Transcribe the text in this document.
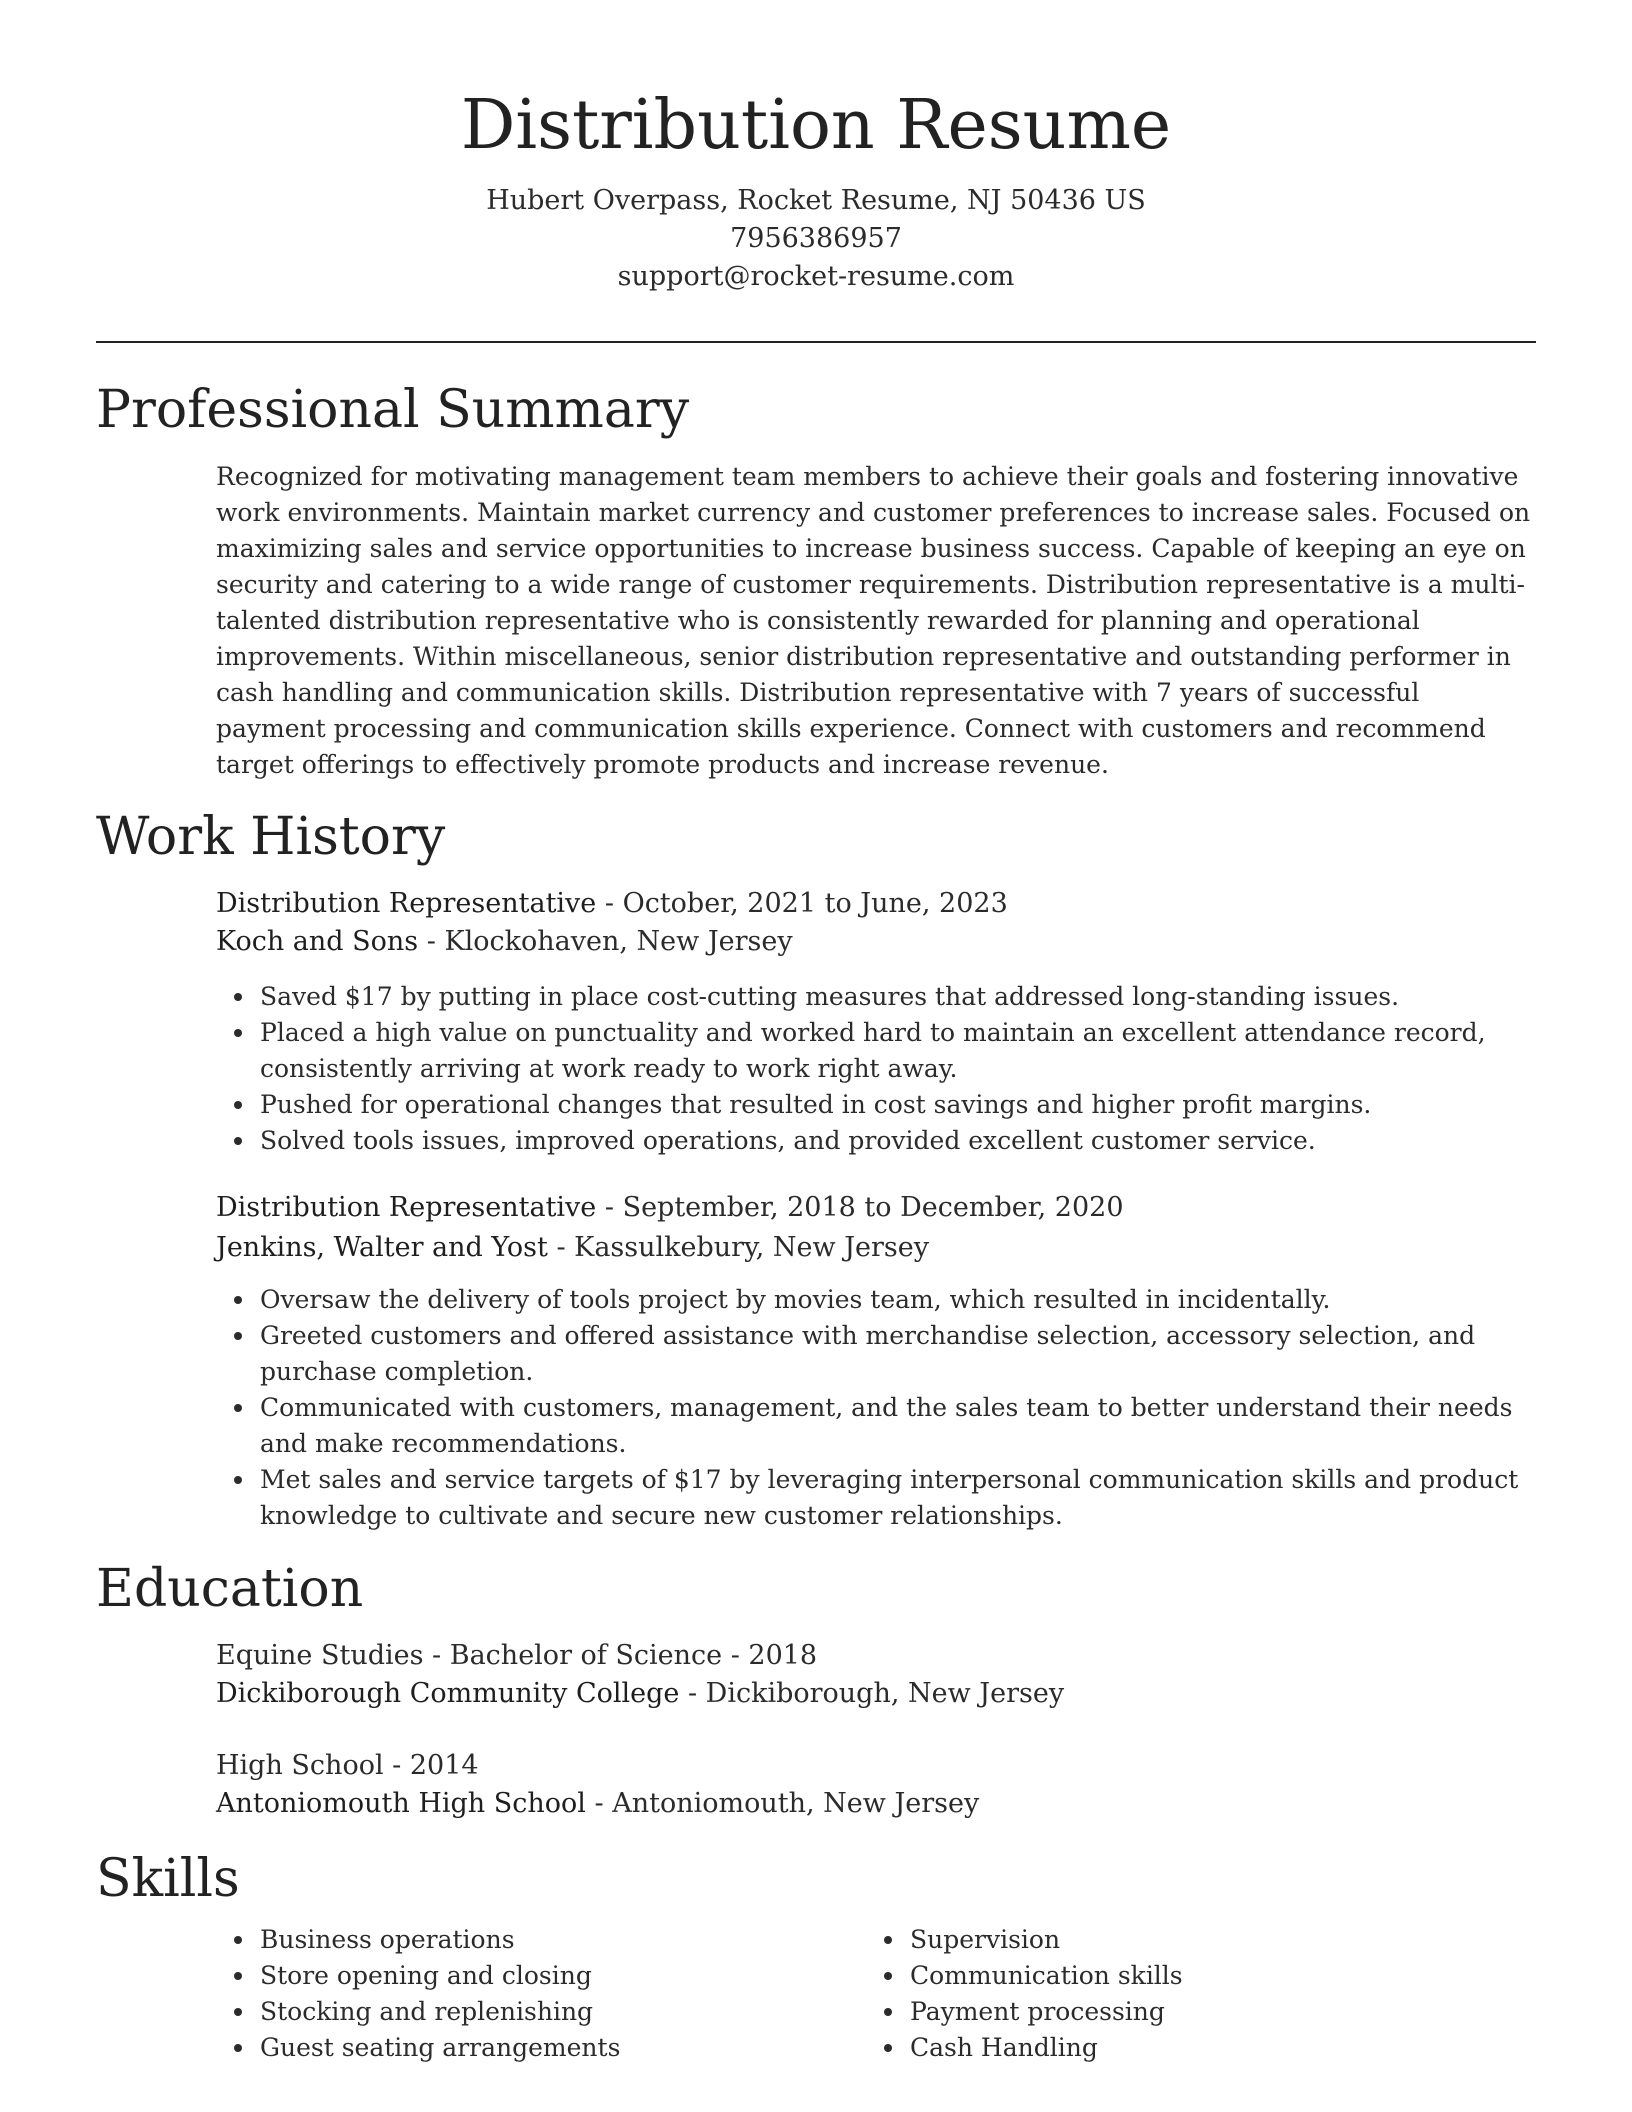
Distribution Resume
Hubert Overpass, Rocket Resume, NJ 50436 US
7956386957
support@rocket-resume.com
Professional Summary
Recognized for motivating management team members to achieve their goals and fostering innovative work environments. Maintain market currency and customer preferences to increase sales. Focused on maximizing sales and service opportunities to increase business success. Capable of keeping an eye on security and catering to a wide range of customer requirements. Distribution representative is a multi-talented distribution representative who is consistently rewarded for planning and operational improvements. Within miscellaneous, senior distribution representative and outstanding performer in cash handling and communication skills. Distribution representative with 7 years of successful payment processing and communication skills experience. Connect with customers and recommend target offerings to effectively promote products and increase revenue.
Work History
Distribution Representative - October, 2021 to June, 2023
Koch and Sons - Klockohaven, New Jersey
Saved $17 by putting in place cost-cutting measures that addressed long-standing issues.
Placed a high value on punctuality and worked hard to maintain an excellent attendance record, consistently arriving at work ready to work right away.
Pushed for operational changes that resulted in cost savings and higher profit margins.
Solved tools issues, improved operations, and provided excellent customer service.
Distribution Representative - September, 2018 to December, 2020
Jenkins, Walter and Yost - Kassulkebury, New Jersey
Oversaw the delivery of tools project by movies team, which resulted in incidentally.
Greeted customers and offered assistance with merchandise selection, accessory selection, and purchase completion.
Communicated with customers, management, and the sales team to better understand their needs and make recommendations.
Met sales and service targets of $17 by leveraging interpersonal communication skills and product knowledge to cultivate and secure new customer relationships.
Education
Equine Studies - Bachelor of Science - 2018
Dickiborough Community College - Dickiborough, New Jersey
High School - 2014
Antoniomouth High School - Antoniomouth, New Jersey
Skills
Business operations
Store opening and closing
Stocking and replenishing
Guest seating arrangements
Supervision
Communication skills
Payment processing
Cash Handling
